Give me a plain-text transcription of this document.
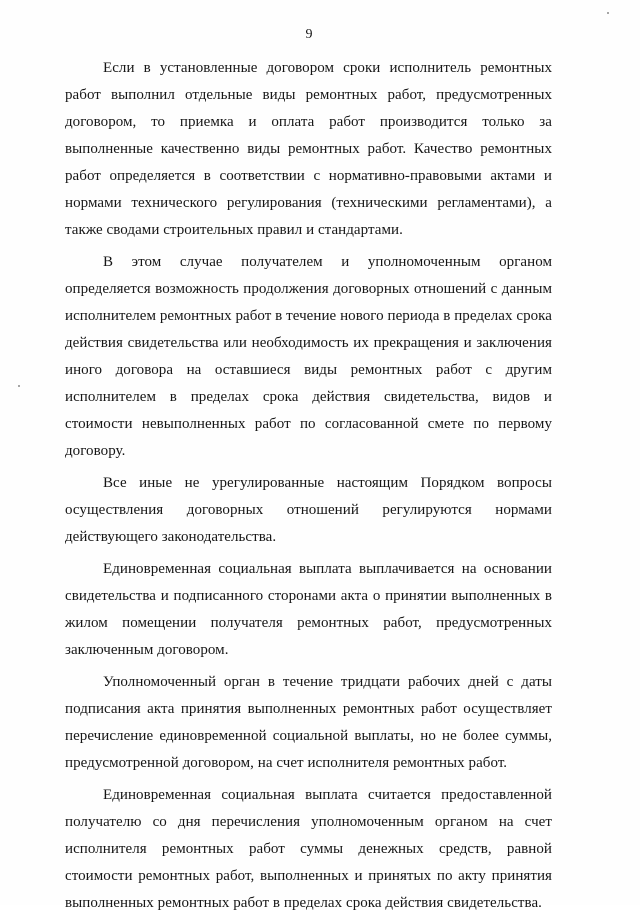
9

Если в установленные договором сроки исполнитель ремонтных работ выполнил отдельные виды ремонтных работ, предусмотренных договором, то приемка и оплата работ производится только за выполненные качественно виды ремонтных работ. Качество ремонтных работ определяется в соответствии с нормативно-правовыми актами и нормами технического регулирования (техническими регламентами), а также сводами строительных правил и стандартами.

В этом случае получателем и уполномоченным органом определяется возможность продолжения договорных отношений с данным исполнителем ремонтных работ в течение нового периода в пределах срока действия свидетельства или необходимость их прекращения и заключения иного договора на оставшиеся виды ремонтных работ с другим исполнителем в пределах срока действия свидетельства, видов и стоимости невыполненных работ по согласованной смете по первому договору.

Все иные не урегулированные настоящим Порядком вопросы осуществления договорных отношений регулируются нормами действующего законодательства.

Единовременная социальная выплата выплачивается на основании свидетельства и подписанного сторонами акта о принятии выполненных в жилом помещении получателя ремонтных работ, предусмотренных заключенным договором.

Уполномоченный орган в течение тридцати рабочих дней с даты подписания акта принятия выполненных ремонтных работ осуществляет перечисление единовременной социальной выплаты, но не более суммы, предусмотренной договором, на счет исполнителя ремонтных работ.

Единовременная социальная выплата считается предоставленной получателю со дня перечисления уполномоченным органом на счет исполнителя ремонтных работ суммы денежных средств, равной стоимости ремонтных работ, выполненных и принятых по акту принятия выполненных ремонтных работ в пределах срока действия свидетельства.
